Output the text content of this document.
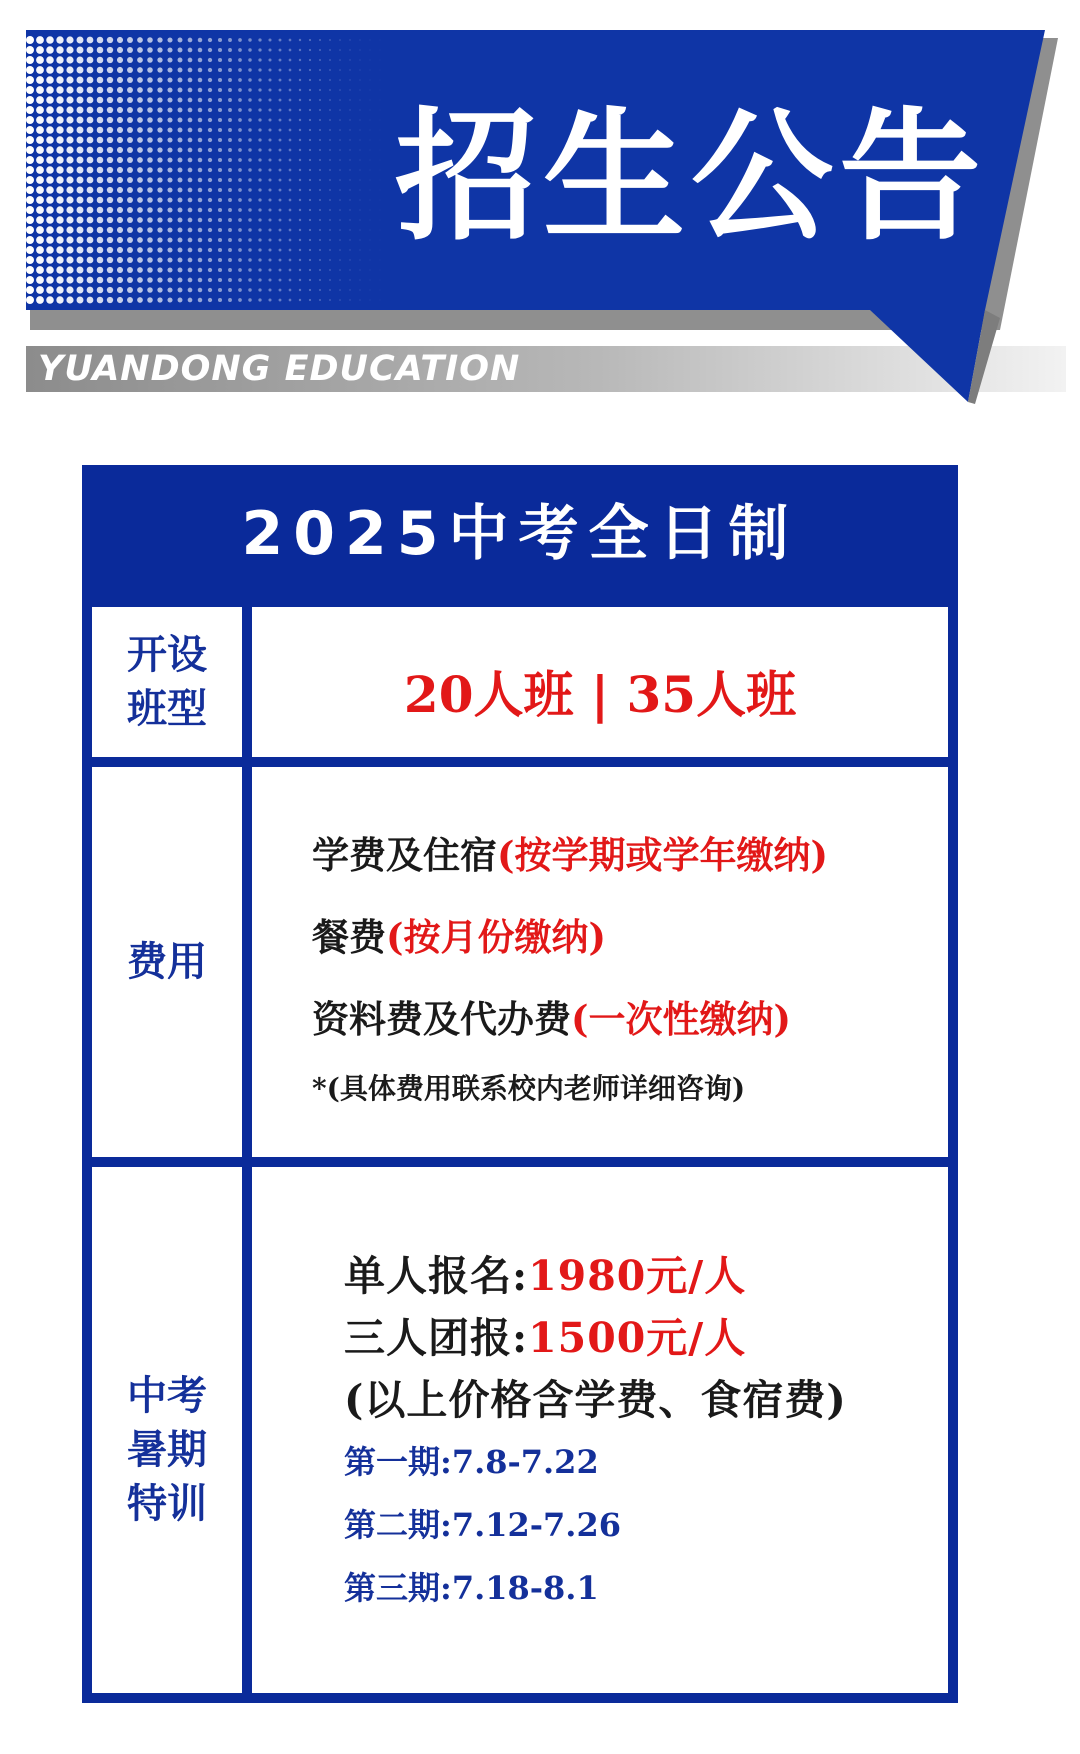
招生公告
YUANDONG EDUCATION
2025中考全日制
开设
班型	20人班 | 35人班
费用
学费及住宿(按学期或学年缴纳)
餐费(按月份缴纳)
资料费及代办费(一次性缴纳)
*(具体费用联系校内老师详细咨询)
中考
暑期
特训
单人报名:1980元/人
三人团报:1500元/人
(以上价格含学费、食宿费)
第一期:7.8-7.22
第二期:7.12-7.26
第三期:7.18-8.1
